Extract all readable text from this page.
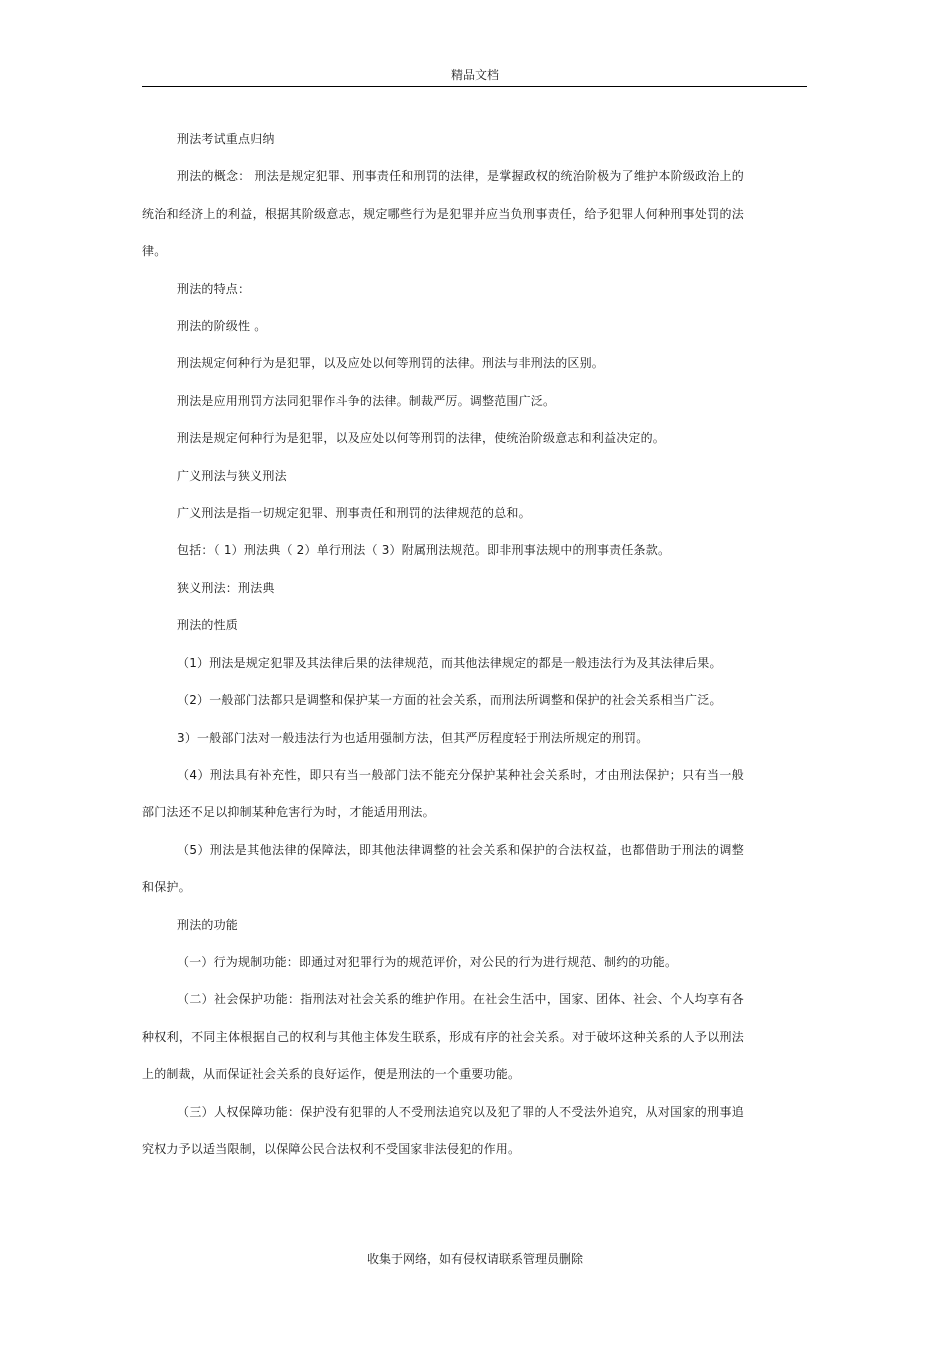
精品文档

刑法考试重点归纳

刑法的概念： 刑法是规定犯罪、刑事责任和刑罚的法律，是掌握政权的统治阶极为了维护本阶级政治上的统治和经济上的利益，根据其阶级意志，规定哪些行为是犯罪并应当负刑事责任，给予犯罪人何种刑事处罚的法律。

刑法的特点：

刑法的阶级性 。

刑法规定何种行为是犯罪，以及应处以何等刑罚的法律。刑法与非刑法的区别。

刑法是应用刑罚方法同犯罪作斗争的法律。制裁严厉。调整范围广泛。

刑法是规定何种行为是犯罪，以及应处以何等刑罚的法律，使统治阶级意志和利益决定的。

广义刑法与狭义刑法

广义刑法是指一切规定犯罪、刑事责任和刑罚的法律规范的总和。

包括：（ 1）刑法典（ 2）单行刑法（ 3）附属刑法规范。即非刑事法规中的刑事责任条款。

狭义刑法：刑法典

刑法的性质

（1）刑法是规定犯罪及其法律后果的法律规范，而其他法律规定的都是一般违法行为及其法律后果。

（2）一般部门法都只是调整和保护某一方面的社会关系，而刑法所调整和保护的社会关系相当广泛。

3）一般部门法对一般违法行为也适用强制方法，但其严厉程度轻于刑法所规定的刑罚。

（4）刑法具有补充性，即只有当一般部门法不能充分保护某种社会关系时，才由刑法保护；只有当一般部门法还不足以抑制某种危害行为时，才能适用刑法。

（5）刑法是其他法律的保障法，即其他法律调整的社会关系和保护的合法权益，也都借助于刑法的调整和保护。

刑法的功能

（一）行为规制功能：即通过对犯罪行为的规范评价，对公民的行为进行规范、制约的功能。

（二）社会保护功能：指刑法对社会关系的维护作用。在社会生活中，国家、团体、社会、个人均享有各种权利，不同主体根据自己的权利与其他主体发生联系，形成有序的社会关系。对于破坏这种关系的人予以刑法上的制裁，从而保证社会关系的良好运作，便是刑法的一个重要功能。

（三）人权保障功能：保护没有犯罪的人不受刑法追究以及犯了罪的人不受法外追究，从对国家的刑事追究权力予以适当限制，以保障公民合法权利不受国家非法侵犯的作用。

收集于网络，如有侵权请联系管理员删除
